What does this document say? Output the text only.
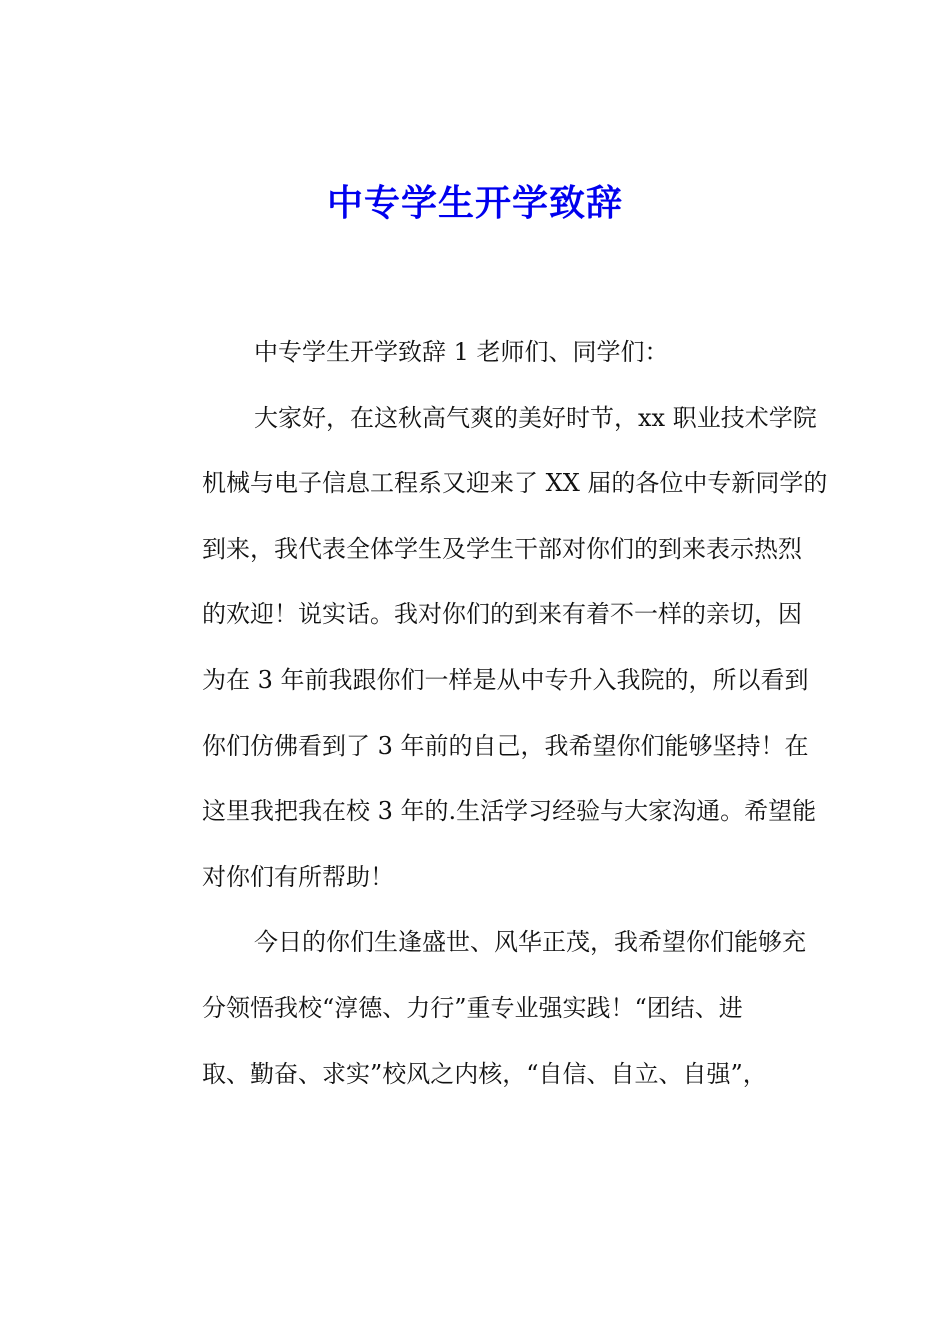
中专学生开学致辞
中专学生开学致辞 1 老师们、同学们：
大家好，在这秋高气爽的美好时节，xx 职业技术学院
机械与电子信息工程系又迎来了 XX 届的各位中专新同学的
到来，我代表全体学生及学生干部对你们的到来表示热烈
的欢迎！说实话。我对你们的到来有着不一样的亲切，因
为在 3 年前我跟你们一样是从中专升入我院的，所以看到
你们仿佛看到了 3 年前的自己，我希望你们能够坚持！在
这里我把我在校 3 年的.生活学习经验与大家沟通。希望能
对你们有所帮助！
今日的你们生逢盛世、风华正茂，我希望你们能够充
分领悟我校“淳德、力行”重专业强实践！“团结、进
取、勤奋、求实”校风之内核，“自信、自立、自强”，
